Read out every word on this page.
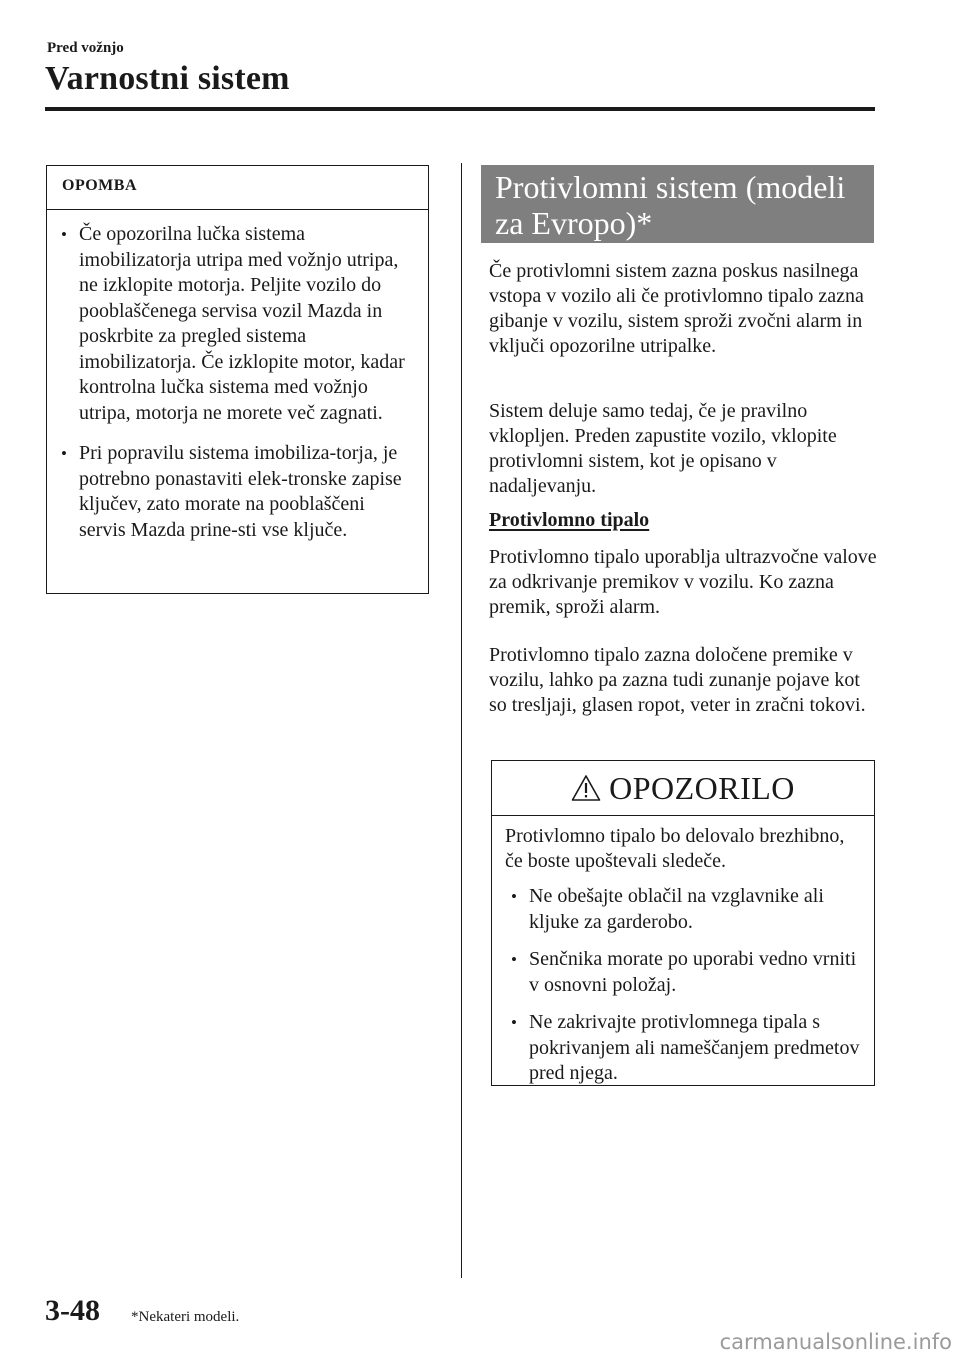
Pred vožnjo
Varnostni sistem
OPOMBA
• Če opozorilna lučka sistema imobilizatorja utripa med vožnjo utripa, ne izklopite motorja. Peljite vozilo do pooblaščenega servisa vozil Mazda in poskrbite za pregled sistema imobilizatorja. Če izklopite motor, kadar kontrolna lučka sistema med vožnjo utripa, motorja ne morete več zagnati.
• Pri popravilu sistema imobiliza-torja, je potrebno ponastaviti elek-tronske zapise ključev, zato morate na pooblaščeni servis Mazda prine-sti vse ključe.
Protivlomni sistem (modeli za Evropo)*
Če protivlomni sistem zazna poskus nasilnega vstopa v vozilo ali če protivlomno tipalo zazna gibanje v vozilu, sistem sproži zvočni alarm in vključi opozorilne utripalke.
Sistem deluje samo tedaj, če je pravilno vklopljen. Preden zapustite vozilo, vklopite protivlomni sistem, kot je opisano v nadaljevanju.
Protivlomno tipalo
Protivlomno tipalo uporablja ultrazvočne valove za odkrivanje premikov v vozilu. Ko zazna premik, sproži alarm.
Protivlomno tipalo zazna določene premike v vozilu, lahko pa zazna tudi zunanje pojave kot so tresljaji, glasen ropot, veter in zračni tokovi.
OPOZORILO
Protivlomno tipalo bo delovalo brezhibno, če boste upoštevali sledeče.
• Ne obešajte oblačil na vzglavnike ali kljuke za garderobo.
• Senčnika morate po uporabi vedno vrniti v osnovni položaj.
• Ne zakrivajte protivlomnega tipala s pokrivanjem ali nameščanjem predmetov pred njega.
3-48 *Nekateri modeli.
carmanualsonline.info
